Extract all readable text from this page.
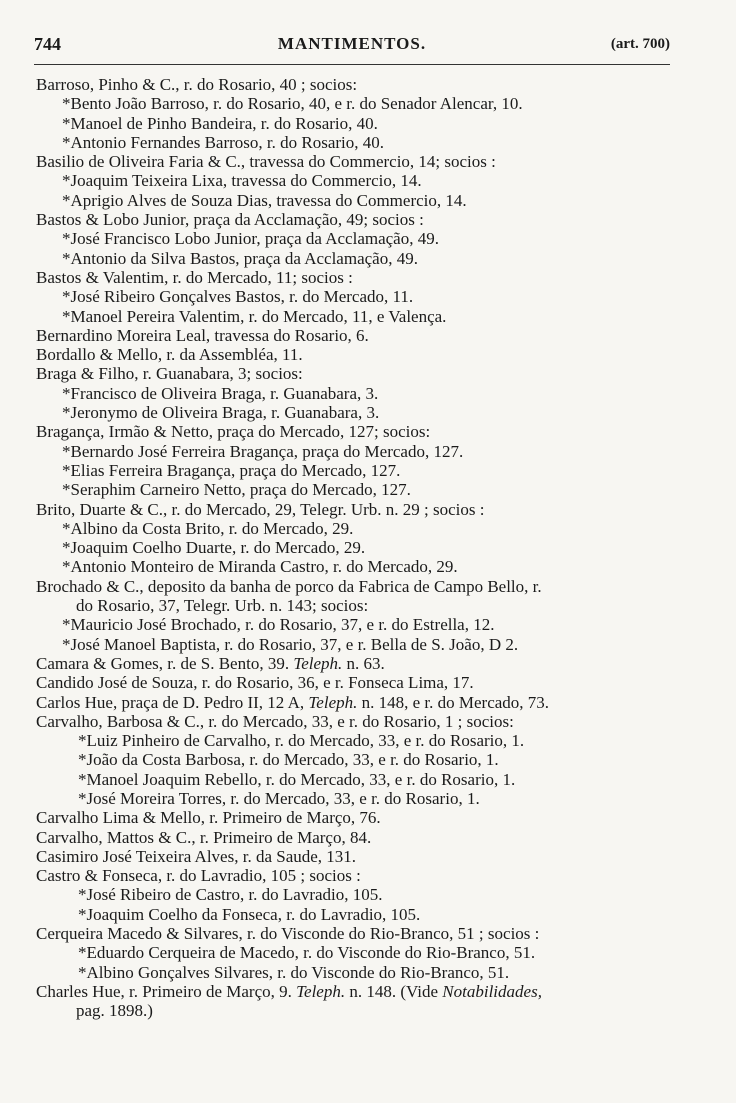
744	MANTIMENTOS.	(art. 700)
Barroso, Pinho & C., r. do Rosario, 40 ; socios:
*Bento João Barroso, r. do Rosario, 40, e r. do Senador Alencar, 10.
*Manoel de Pinho Bandeira, r. do Rosario, 40.
*Antonio Fernandes Barroso, r. do Rosario, 40.
Basilio de Oliveira Faria & C., travessa do Commercio, 14; socios :
*Joaquim Teixeira Lixa, travessa do Commercio, 14.
*Aprigio Alves de Souza Dias, travessa do Commercio, 14.
Bastos & Lobo Junior, praça da Acclamação, 49; socios :
*José Francisco Lobo Junior, praça da Acclamação, 49.
*Antonio da Silva Bastos, praça da Acclamação, 49.
Bastos & Valentim, r. do Mercado, 11; socios :
*José Ribeiro Gonçalves Bastos, r. do Mercado, 11.
*Manoel Pereira Valentim, r. do Mercado, 11, e Valença.
Bernardino Moreira Leal, travessa do Rosario, 6.
Bordallo & Mello, r. da Assembléa, 11.
Braga & Filho, r. Guanabara, 3; socios:
*Francisco de Oliveira Braga, r. Guanabara, 3.
*Jeronymo de Oliveira Braga, r. Guanabara, 3.
Bragança, Irmão & Netto, praça do Mercado, 127; socios:
*Bernardo José Ferreira Bragança, praça do Mercado, 127.
*Elias Ferreira Bragança, praça do Mercado, 127.
*Seraphim Carneiro Netto, praça do Mercado, 127.
Brito, Duarte & C., r. do Mercado, 29, Telegr. Urb. n. 29 ; socios :
*Albino da Costa Brito, r. do Mercado, 29.
*Joaquim Coelho Duarte, r. do Mercado, 29.
*Antonio Monteiro de Miranda Castro, r. do Mercado, 29.
Brochado & C., deposito da banha de porco da Fabrica de Campo Bello, r.
do Rosario, 37, Telegr. Urb. n. 143; socios:
*Mauricio José Brochado, r. do Rosario, 37, e r. do Estrella, 12.
*José Manoel Baptista, r. do Rosario, 37, e r. Bella de S. João, D 2.
Camara & Gomes, r. de S. Bento, 39. Teleph. n. 63.
Candido José de Souza, r. do Rosario, 36, e r. Fonseca Lima, 17.
Carlos Hue, praça de D. Pedro II, 12 A, Teleph. n. 148, e r. do Mercado, 73.
Carvalho, Barbosa & C., r. do Mercado, 33, e r. do Rosario, 1 ; socios:
*Luiz Pinheiro de Carvalho, r. do Mercado, 33, e r. do Rosario, 1.
*João da Costa Barbosa, r. do Mercado, 33, e r. do Rosario, 1.
*Manoel Joaquim Rebello, r. do Mercado, 33, e r. do Rosario, 1.
*José Moreira Torres, r. do Mercado, 33, e r. do Rosario, 1.
Carvalho Lima & Mello, r. Primeiro de Março, 76.
Carvalho, Mattos & C., r. Primeiro de Março, 84.
Casimiro José Teixeira Alves, r. da Saude, 131.
Castro & Fonseca, r. do Lavradio, 105 ; socios :
*José Ribeiro de Castro, r. do Lavradio, 105.
*Joaquim Coelho da Fonseca, r. do Lavradio, 105.
Cerqueira Macedo & Silvares, r. do Visconde do Rio-Branco, 51 ; socios :
*Eduardo Cerqueira de Macedo, r. do Visconde do Rio-Branco, 51.
*Albino Gonçalves Silvares, r. do Visconde do Rio-Branco, 51.
Charles Hue, r. Primeiro de Março, 9. Teleph. n. 148. (Vide Notabilidades,
pag. 1898.)
